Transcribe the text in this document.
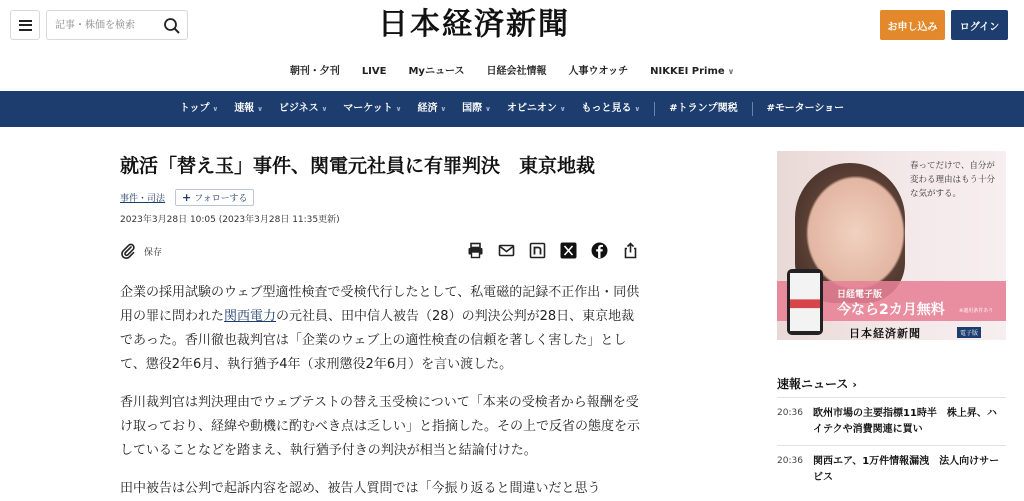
記事・株価を検索
日本経済新聞	お申し込み	ログイン
朝刊・夕刊	LIVE	Myニュース	日経会社情報	人事ウオッチ	NIKKEI Prime ∨
トップ ∨	速報 ∨	ビジネス ∨	マーケット ∨	経済 ∨	国際 ∨	オピニオン ∨	もっと見る ∨	#トランプ関税	#モーターショー
就活「替え玉」事件、関電元社員に有罪判決　東京地裁
事件・司法 + フォローする
2023年3月28日 10:05 (2023年3月28日 11:35更新)
保存

企業の採用試験のウェブ型適性検査で受検代行したとして、私電磁的記録不正作出・同供用の罪に問われた関西電力の元社員、田中信人被告（28）の判決公判が28日、東京地裁であった。香川徹也裁判官は「企業のウェブ上の適性検査の信頼を著しく害した」として、懲役2年6月、執行猶予4年（求刑懲役2年6月）を言い渡した。

香川裁判官は判決理由でウェブテストの替え玉受検について「本来の受検者から報酬を受け取っており、経緯や動機に酌むべき点は乏しい」と指摘した。その上で反省の態度を示していることなどを踏まえ、執行猶予付きの判決が相当と結論付けた。

田中被告は公判で起訴内容を認め、被告人質問では「今振り返ると間違いだと思う

春ってだけで、自分が変わる理由はもう十分な気がする。
日経電子版
今なら2カ月無料	※適用条件あり
日本経済新聞	電子版
速報ニュース ›
20:36	欧州市場の主要指標11時半　株上昇、ハイテクや消費関連に買い
20:36	関西エア、1万件情報漏洩　法人向けサービス
